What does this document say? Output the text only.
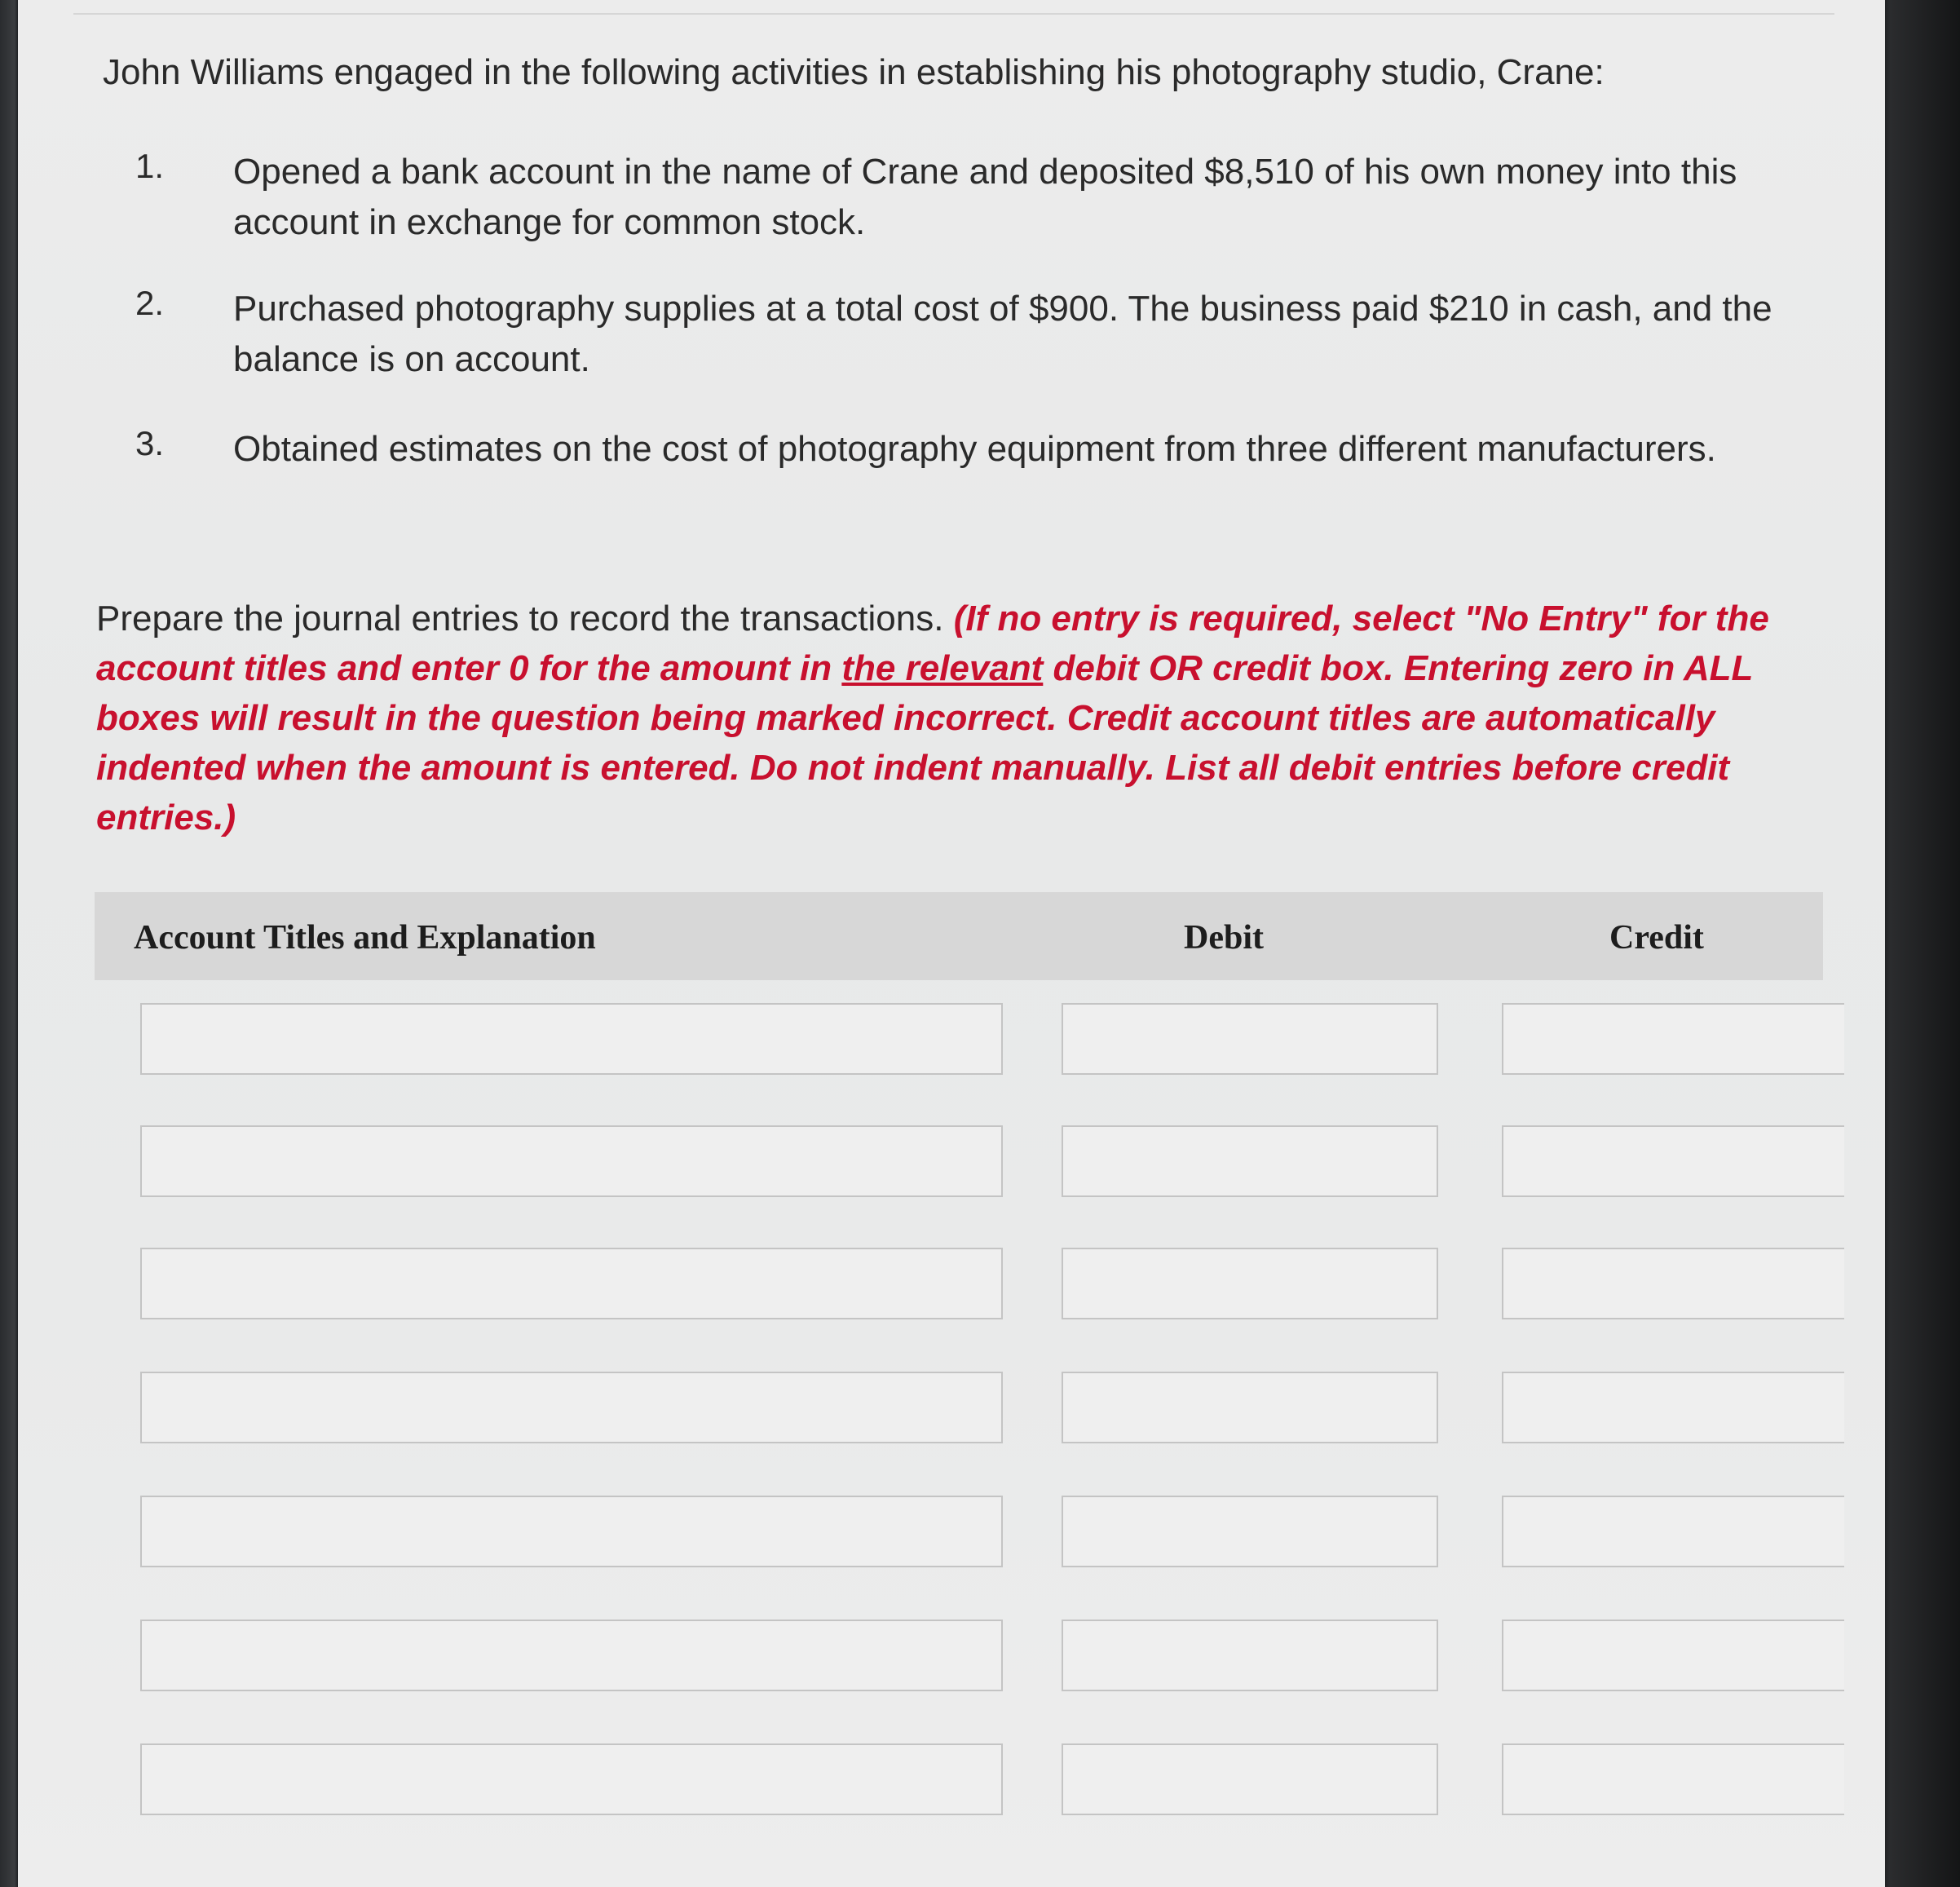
John Williams engaged in the following activities in establishing his photography studio, Crane:
1. Opened a bank account in the name of Crane and deposited $8,510 of his own money into this account in exchange for common stock.
2. Purchased photography supplies at a total cost of $900. The business paid $210 in cash, and the balance is on account.
3. Obtained estimates on the cost of photography equipment from three different manufacturers.
Prepare the journal entries to record the transactions. (If no entry is required, select "No Entry" for the account titles and enter 0 for the amount in the relevant debit OR credit box. Entering zero in ALL boxes will result in the question being marked incorrect. Credit account titles are automatically indented when the amount is entered. Do not indent manually. List all debit entries before credit entries.)
Account Titles and Explanation	Debit	Credit
